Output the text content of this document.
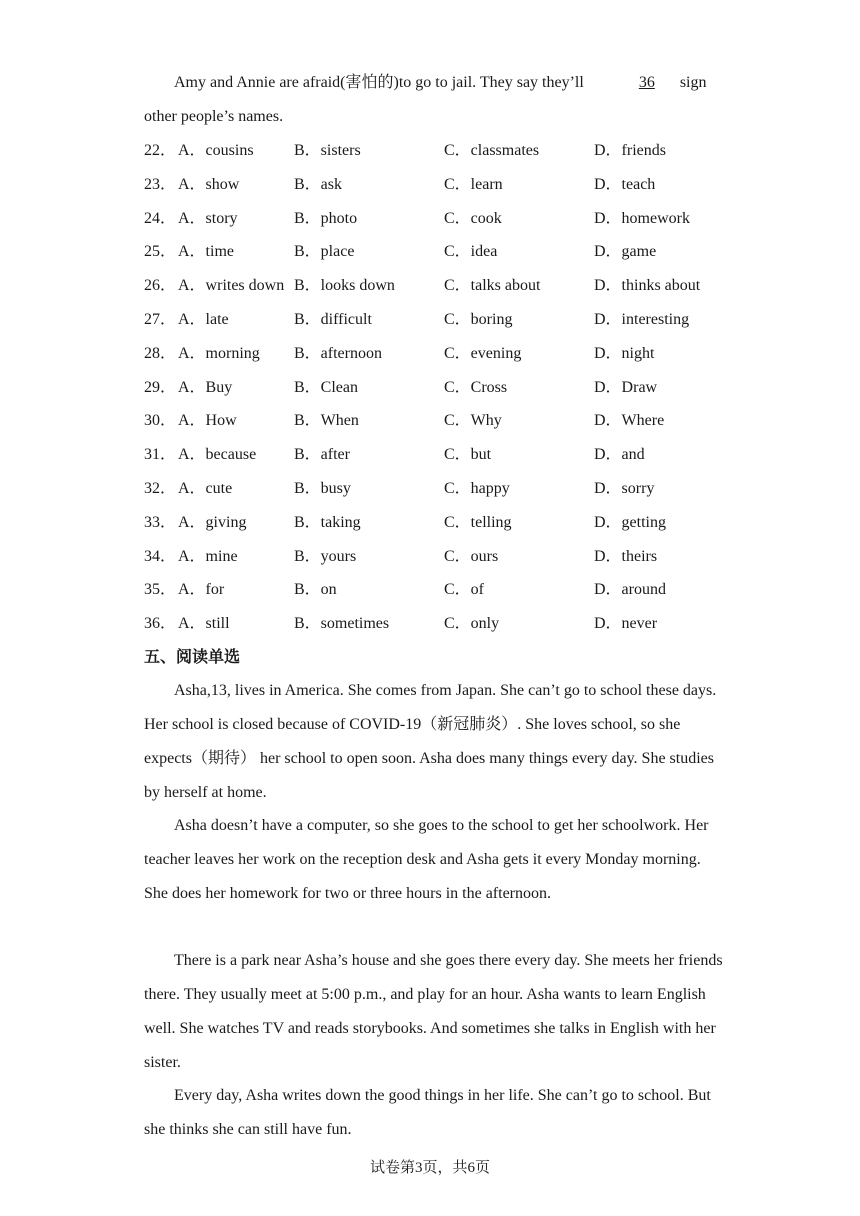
Amy and Annie are afraid(害怕的)to go to jail. They say they’ll	36 sign other people’s names.
22． A．cousins	B．sisters	C．classmates	D．friends
23． A．show	B．ask	C．learn	D．teach
24． A．story	B．photo	C．cook	D．homework
25． A．time	B．place	C．idea	D．game
26． A．writes down B．looks down	C．talks about	D．thinks about
27． A．late	B．difficult	C．boring	D．interesting
28． A．morning B．afternoon	C．evening	D．night
29． A．Buy	B．Clean	C．Cross	D．Draw
30． A．How	B．When	C．Why	D．Where
31． A．because B．after	C．but	D．and
32． A．cute	B．busy	C．happy	D．sorry
33． A．giving	B．taking	C．telling	D．getting
34． A．mine	B．yours	C．ours	D．theirs
35． A．for	B．on	C．of	D．around
36． A．still	B．sometimes	C．only	D．never
五、阅读单选
Asha,13, lives in America. She comes from Japan. She can’t go to school these days. Her school is closed because of COVID-19（新冠肺炎）. She loves school, so she expects（期待） her school to open soon. Asha does many things every day. She studies by herself at home.
Asha doesn’t have a computer, so she goes to the school to get her schoolwork. Her teacher leaves her work on the reception desk and Asha gets it every Monday morning. She does her homework for two or three hours in the afternoon.
There is a park near Asha’s house and she goes there every day. She meets her friends there. They usually meet at 5:00 p.m., and play for an hour. Asha wants to learn English well. She watches TV and reads storybooks. And sometimes she talks in English with her sister.
Every day, Asha writes down the good things in her life. She can’t go to school. But she thinks she can still have fun.
试卷第3页，共6页
